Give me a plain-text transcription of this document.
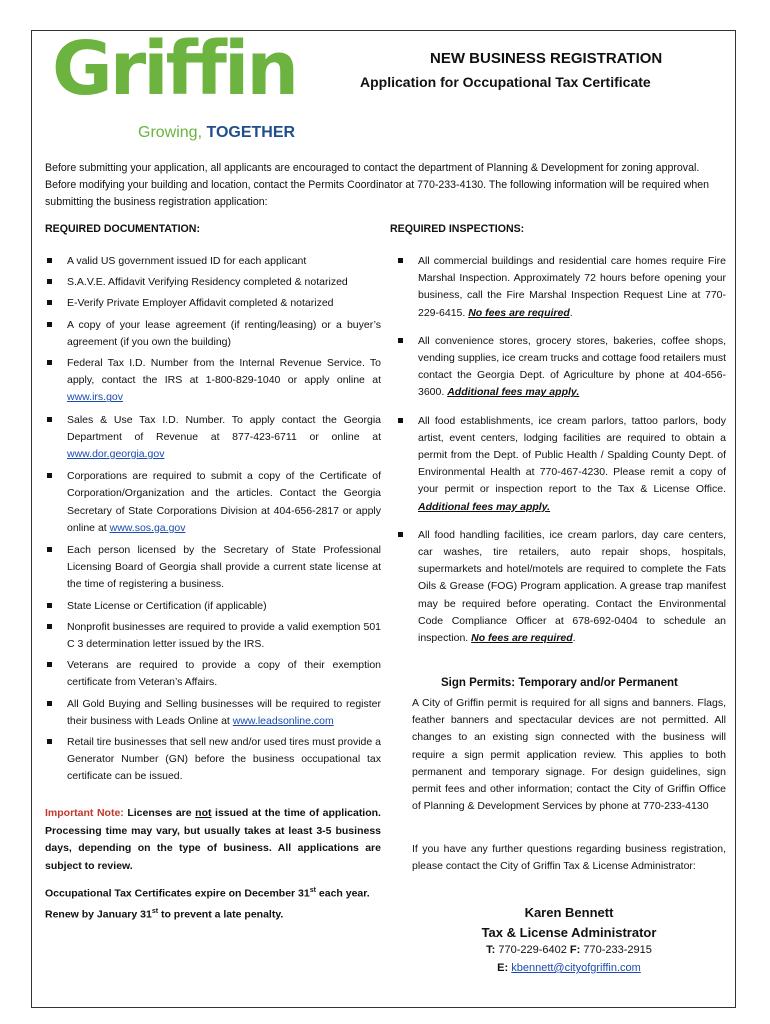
Griffin
Growing, TOGETHER
NEW BUSINESS REGISTRATION
Application for Occupational Tax Certificate
Before submitting your application, all applicants are encouraged to contact the department of Planning & Development for zoning approval. Before modifying your building and location, contact the Permits Coordinator at 770-233-4130. The following information will be required when submitting the business registration application:
REQUIRED DOCUMENTATION:	REQUIRED INSPECTIONS:
A valid US government issued ID for each applicant
S.A.V.E. Affidavit Verifying Residency completed & notarized
E-Verify Private Employer Affidavit completed & notarized
A copy of your lease agreement (if renting/leasing) or a buyer’s agreement (if you own the building)
Federal Tax I.D. Number from the Internal Revenue Service. To apply, contact the IRS at 1-800-829-1040 or apply online at www.irs.gov
Sales & Use Tax I.D. Number. To apply contact the Georgia Department of Revenue at 877-423-6711 or online at www.dor.georgia.gov
Corporations are required to submit a copy of the Certificate of Corporation/Organization and the articles. Contact the Georgia Secretary of State Corporations Division at 404-656-2817 or apply online at www.sos.ga.gov
Each person licensed by the Secretary of State Professional Licensing Board of Georgia shall provide a current state license at the time of registering a business.
State License or Certification (if applicable)
Nonprofit businesses are required to provide a valid exemption 501 C 3 determination letter issued by the IRS.
Veterans are required to provide a copy of their exemption certificate from Veteran’s Affairs.
All Gold Buying and Selling businesses will be required to register their business with Leads Online at www.leadsonline.com
Retail tire businesses that sell new and/or used tires must provide a Generator Number (GN) before the business occupational tax certificate can be issued.
Important Note: Licenses are not issued at the time of application. Processing time may vary, but usually takes at least 3-5 business days, depending on the type of business. All applications are subject to review.
Occupational Tax Certificates expire on December 31st each year. Renew by January 31st to prevent a late penalty.
All commercial buildings and residential care homes require Fire Marshal Inspection. Approximately 72 hours before opening your business, call the Fire Marshal Inspection Request Line at 770-229-6415. No fees are required.
All convenience stores, grocery stores, bakeries, coffee shops, vending supplies, ice cream trucks and cottage food retailers must contact the Georgia Dept. of Agriculture by phone at 404-656-3600. Additional fees may apply.
All food establishments, ice cream parlors, tattoo parlors, body artist, event centers, lodging facilities are required to obtain a permit from the Dept. of Public Health / Spalding County Dept. of Environmental Health at 770-467-4230. Please remit a copy of your permit or inspection report to the Tax & License Office. Additional fees may apply.
All food handling facilities, ice cream parlors, day care centers, car washes, tire retailers, auto repair shops, hospitals, supermarkets and hotel/motels are required to complete the Fats Oils & Grease (FOG) Program application. A grease trap manifest may be required before operating. Contact the Environmental Code Compliance Officer at 678-692-0404 to schedule an inspection. No fees are required.
Sign Permits: Temporary and/or Permanent
A City of Griffin permit is required for all signs and banners. Flags, feather banners and spectacular devices are not permitted. All changes to an existing sign connected with the business will require a sign permit application review. This applies to both permanent and temporary signage. For design guidelines, sign permit fees and other information; contact the City of Griffin Office of Planning & Development Services by phone at 770-233-4130
If you have any further questions regarding business registration, please contact the City of Griffin Tax & License Administrator:
Karen Bennett
Tax & License Administrator
T: 770-229-6402 F: 770-233-2915
E: kbennett@cityofgriffin.com
